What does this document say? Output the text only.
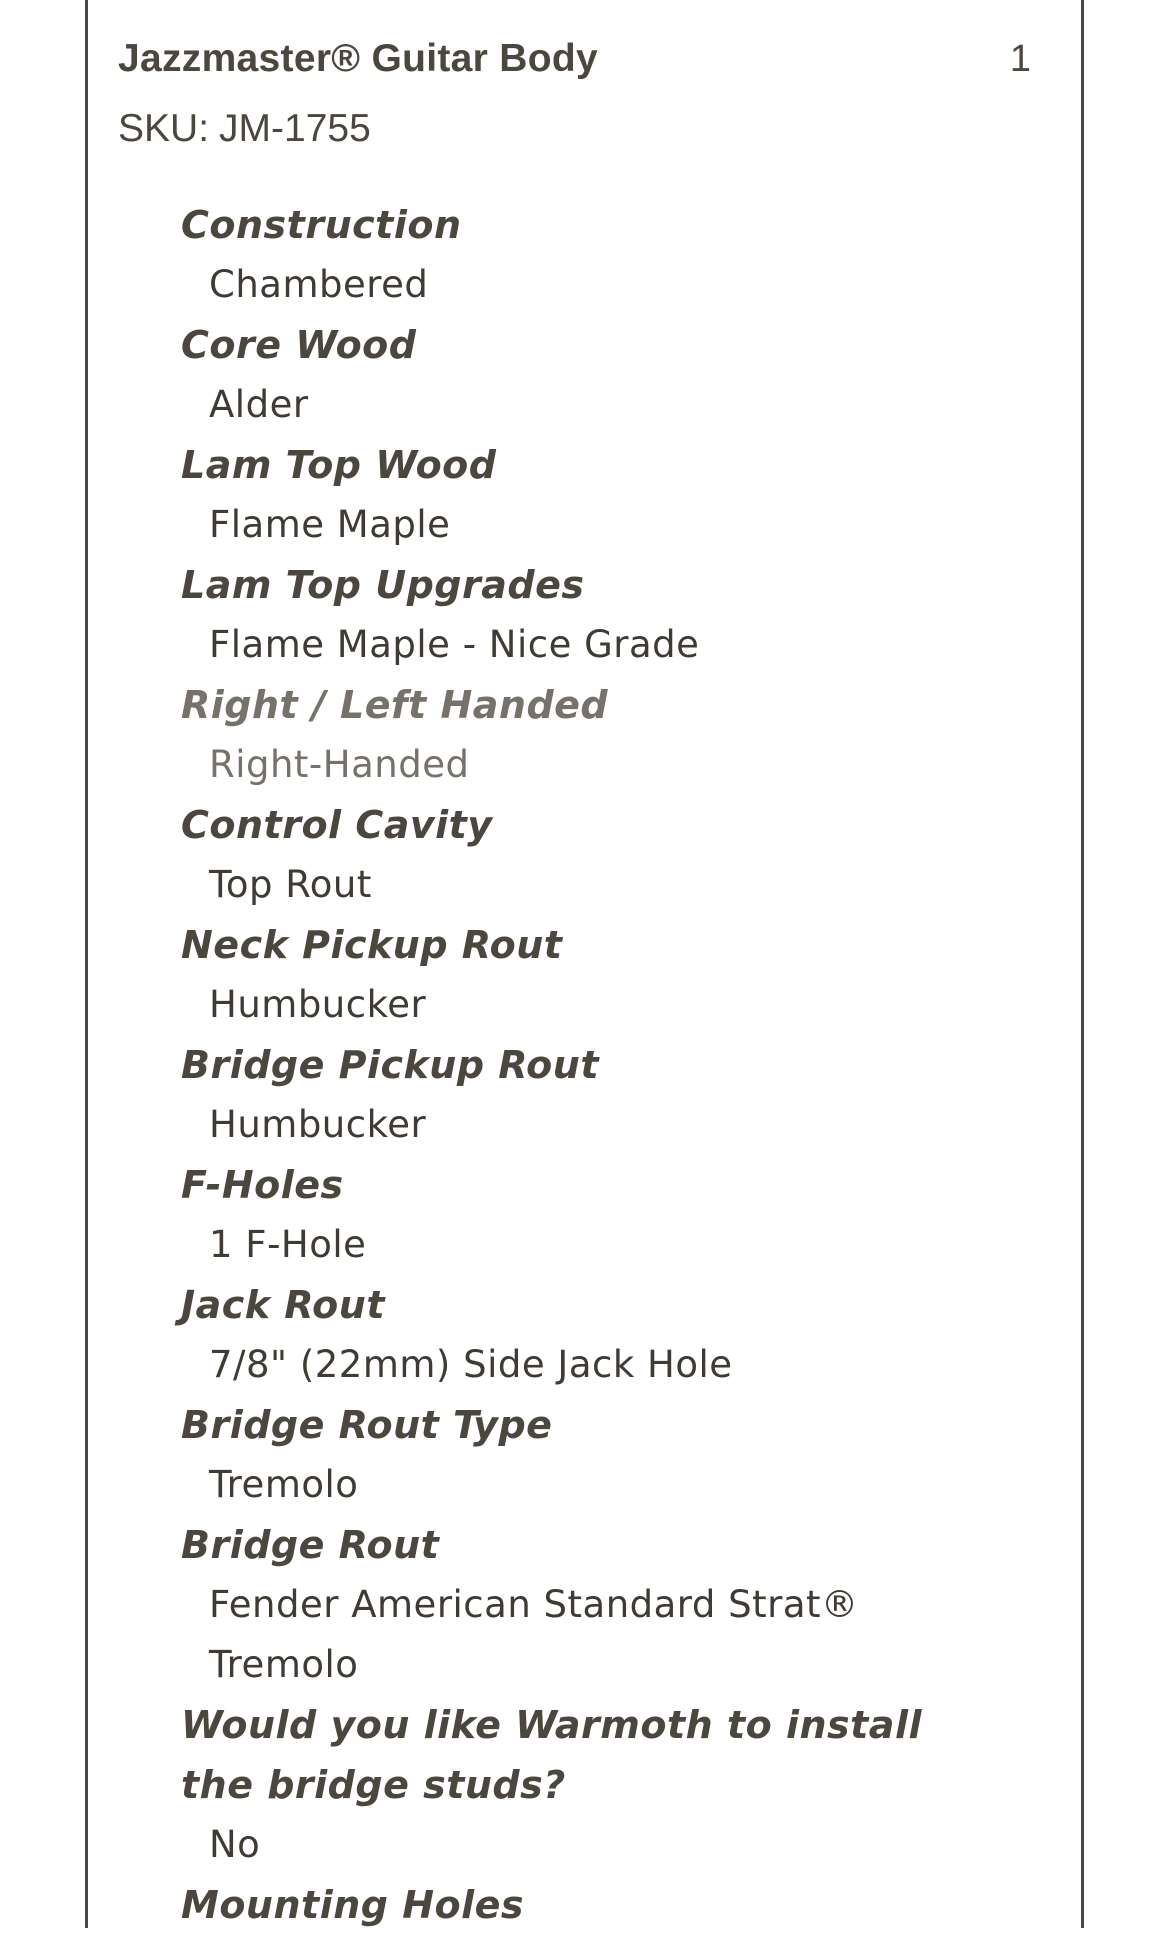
Jazzmaster® Guitar Body	1
SKU: JM-1755
Construction
Chambered
Core Wood
Alder
Lam Top Wood
Flame Maple
Lam Top Upgrades
Flame Maple - Nice Grade
Right / Left Handed
Right-Handed
Control Cavity
Top Rout
Neck Pickup Rout
Humbucker
Bridge Pickup Rout
Humbucker
F-Holes
1 F-Hole
Jack Rout
7/8" (22mm) Side Jack Hole
Bridge Rout Type
Tremolo
Bridge Rout
Fender American Standard Strat® Tremolo
Would you like Warmoth to install the bridge studs?
No
Mounting Holes
